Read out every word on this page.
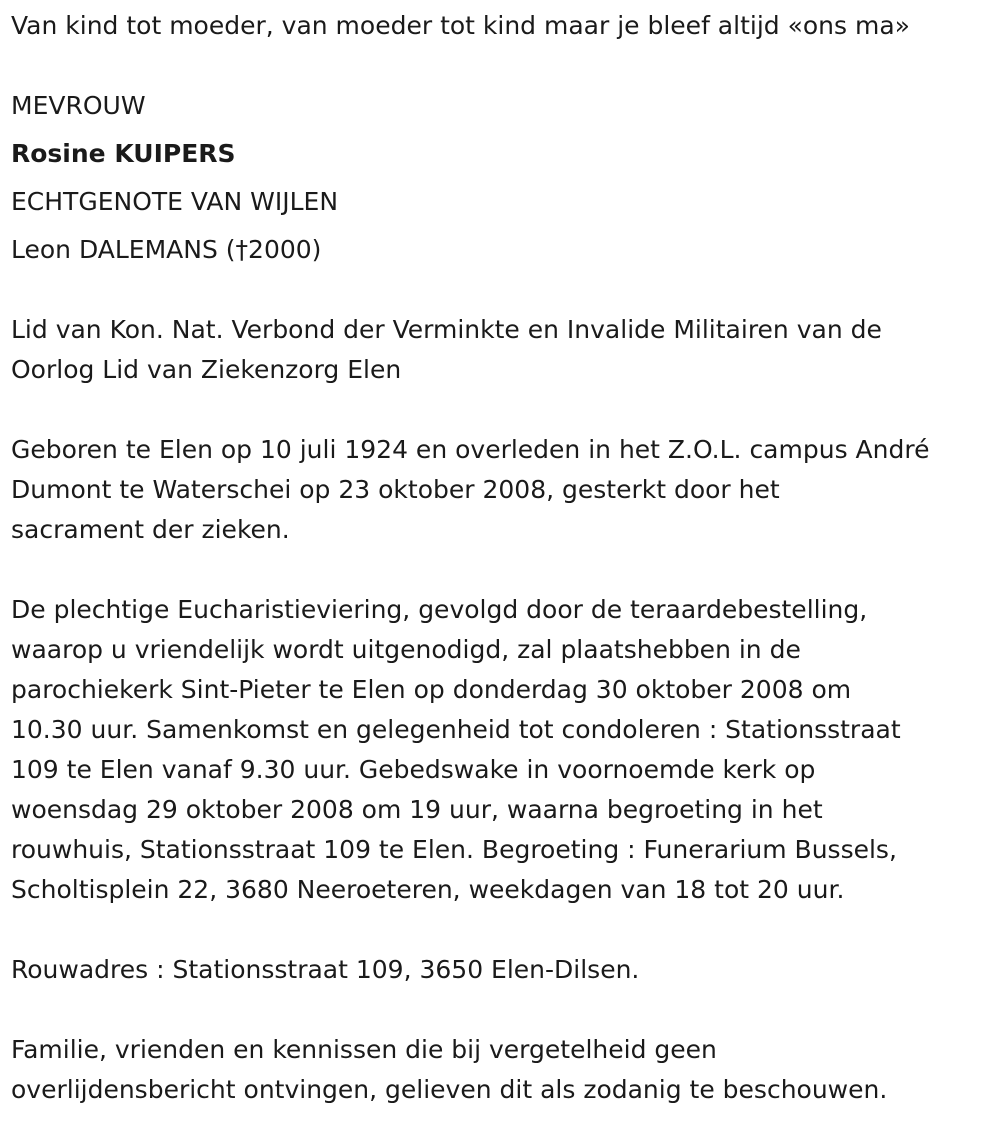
Van kind tot moeder, van moeder tot kind maar je bleef altijd «ons ma»

MEVROUW

Rosine KUIPERS

ECHTGENOTE VAN WIJLEN

Leon DALEMANS (†2000)

Lid van Kon. Nat. Verbond der Verminkte en Invalide Militairen van de

Oorlog Lid van Ziekenzorg Elen

Geboren te Elen op 10 juli 1924 en overleden in het Z.O.L. campus André

Dumont te Waterschei op 23 oktober 2008, gesterkt door het

sacrament der zieken.

De plechtige Eucharistieviering, gevolgd door de teraardebestelling,

waarop u vriendelijk wordt uitgenodigd, zal plaatshebben in de

parochiekerk Sint-Pieter te Elen op donderdag 30 oktober 2008 om

10.30 uur. Samenkomst en gelegenheid tot condoleren : Stationsstraat

109 te Elen vanaf 9.30 uur. Gebedswake in voornoemde kerk op

woensdag 29 oktober 2008 om 19 uur, waarna begroeting in het

rouwhuis, Stationsstraat 109 te Elen. Begroeting : Funerarium Bussels,

Scholtisplein 22, 3680 Neeroeteren, weekdagen van 18 tot 20 uur.

Rouwadres : Stationsstraat 109, 3650 Elen-Dilsen.

Familie, vrienden en kennissen die bij vergetelheid geen

overlijdensbericht ontvingen, gelieven dit als zodanig te beschouwen.
